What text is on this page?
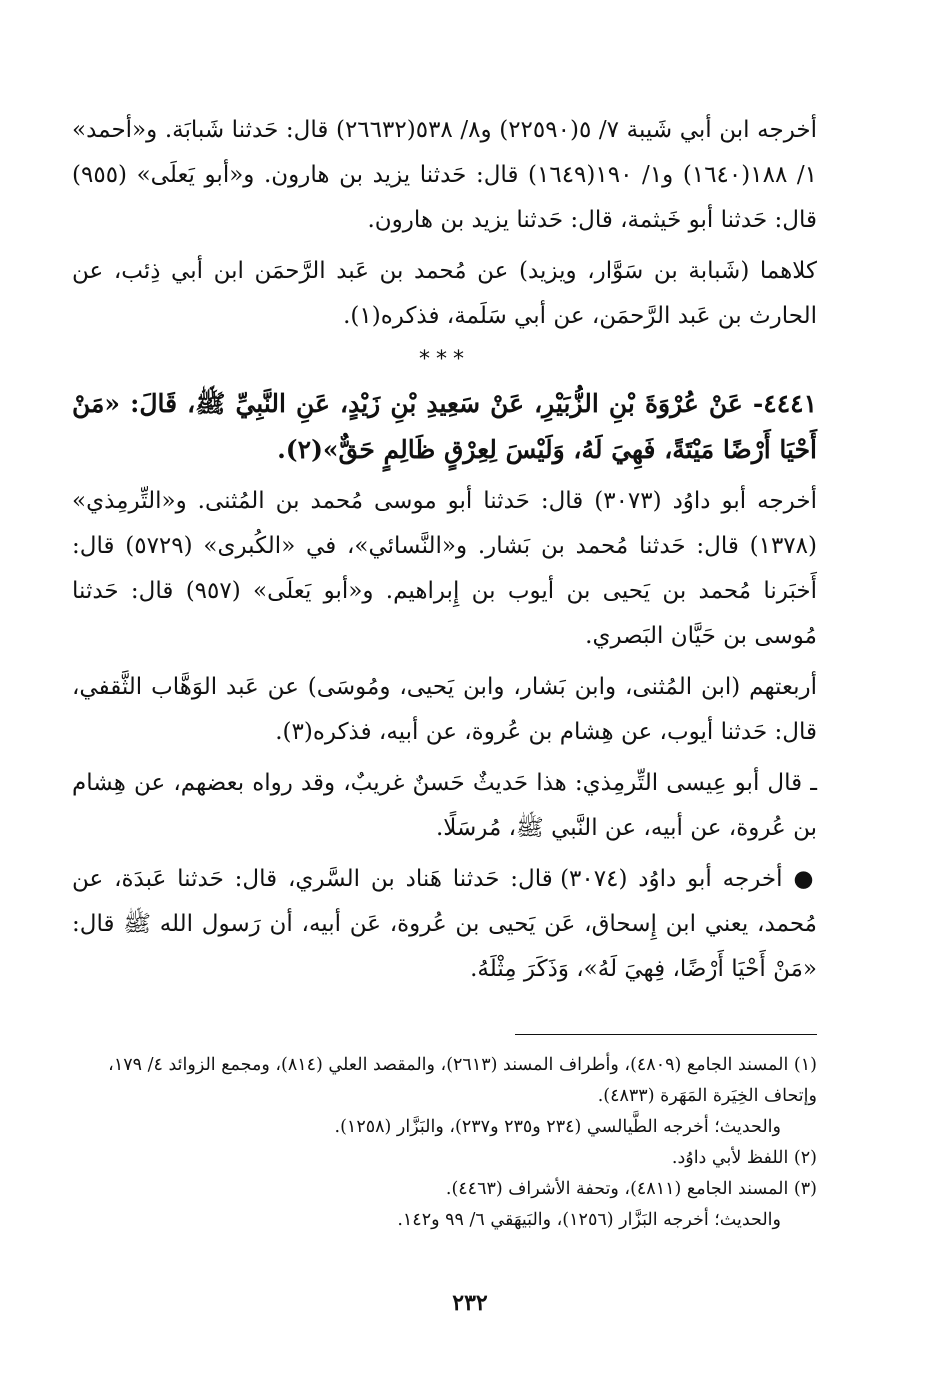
أخرجه ابن أبي شَيبة ٧/ ٥(٢٢٥٩٠) و٨/ ٥٣٨(٢٦٦٣٢) قال: حَدثنا شَبابَة. و«أحمد» ١/ ١٨٨(١٦٤٠) و١/ ١٩٠(١٦٤٩) قال: حَدثنا يزيد بن هارون. و«أبو يَعلَى» (٩٥٥) قال: حَدثنا أبو خَيثمة، قال: حَدثنا يزيد بن هارون.

كلاهما (شَبابة بن سَوَّار، ويزيد) عن مُحمد بن عَبد الرَّحمَن ابن أبي ذِئب، عن الحارث بن عَبد الرَّحمَن، عن أبي سَلَمة، فذكره(١).

***

٤٤٤١- عَنْ عُرْوَةَ بْنِ الزُّبَيْرِ، عَنْ سَعِيدِ بْنِ زَيْدٍ، عَنِ النَّبِيِّ ﷺ، قَالَ: «مَنْ أَحْيَا أَرْضًا مَيْتَةً، فَهِيَ لَهُ، وَلَيْسَ لِعِرْقٍ ظَالِمٍ حَقٌّ»(٢).

أخرجه أبو داوُد (٣٠٧٣) قال: حَدثنا أبو موسى مُحمد بن المُثنى. و«التِّرمِذي» (١٣٧٨) قال: حَدثنا مُحمد بن بَشار. و«النَّسائي»، في «الكُبرى» (٥٧٢٩) قال: أَخبَرنا مُحمد بن يَحيى بن أيوب بن إِبراهيم. و«أبو يَعلَى» (٩٥٧) قال: حَدثنا مُوسى بن حَيَّان البَصري.

أربعتهم (ابن المُثنى، وابن بَشار، وابن يَحيى، ومُوسَى) عن عَبد الوَهَّاب الثَّقفي، قال: حَدثنا أيوب، عن هِشام بن عُروة، عن أبيه، فذكره(٣).

ـ قال أبو عِيسى التِّرمِذي: هذا حَديثٌ حَسنٌ غريبٌ، وقد رواه بعضهم، عن هِشام بن عُروة، عن أبيه، عن النَّبي ﷺ، مُرسَلًا.

● أخرجه أبو داوُد (٣٠٧٤) قال: حَدثنا هَناد بن السَّري، قال: حَدثنا عَبدَة، عن مُحمد، يعني ابن إِسحاق، عَن يَحيى بن عُروة، عَن أبيه، أن رَسول الله ﷺ قال: «مَنْ أَحْيَا أَرْضًا، فِهيَ لَهُ»، وَذَكَرَ مِثْلَهُ.

(١) المسند الجامع (٤٨٠٩)، وأطراف المسند (٢٦١٣)، والمقصد العلي (٨١٤)، ومجمع الزوائد ٤/ ١٧٩، وإتحاف الخِيَرة المَهَرة (٤٨٣٣).

والحديث؛ أخرجه الطَّيالسي (٢٣٤ و٢٣٥ و٢٣٧)، والبَزَّار (١٢٥٨).

(٢) اللفظ لأبي داوُد.

(٣) المسند الجامع (٤٨١١)، وتحفة الأشراف (٤٤٦٣).

والحديث؛ أخرجه البَزَّار (١٢٥٦)، والبَيهَقي ٦/ ٩٩ و١٤٢.

٢٣٢
